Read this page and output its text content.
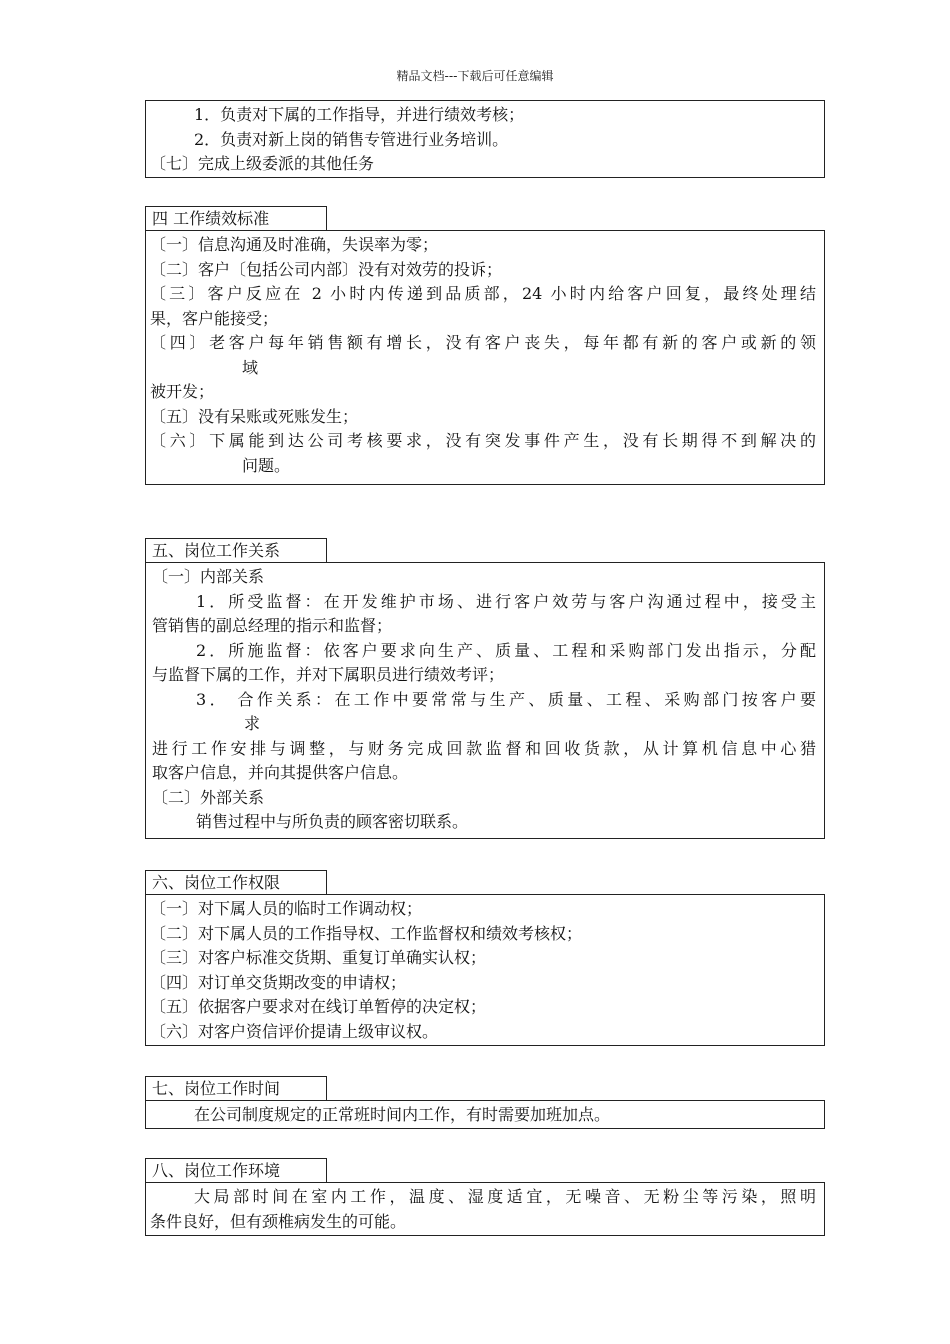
精品文档---下载后可任意编辑
1．负责对下属的工作指导，并进行绩效考核；
2．负责对新上岗的销售专管进行业务培训。
〔七〕完成上级委派的其他任务
四 工作绩效标准
〔一〕信息沟通及时准确，失误率为零；
〔二〕客户〔包括公司内部〕没有对效劳的投诉；
〔三〕客户反应在 2 小时内传递到品质部，24 小时内给客户回复，最终处理结
果，客户能接受；
〔四〕老客户每年销售额有增长，没有客户丧失，每年都有新的客户或新的领
域
被开发；
〔五〕没有呆账或死账发生；
〔六〕下属能到达公司考核要求，没有突发事件产生，没有长期得不到解决的
问题。
五、岗位工作关系
〔一〕内部关系
1．所受监督：在开发维护市场、进行客户效劳与客户沟通过程中，接受主
管销售的副总经理的指示和监督；
2．所施监督：依客户要求向生产、质量、工程和采购部门发出指示，分配
与监督下属的工作，并对下属职员进行绩效考评；
3． 合作关系：在工作中要常常与生产、质量、工程、采购部门按客户要
求
进行工作安排与调整，与财务完成回款监督和回收货款，从计算机信息中心猎
取客户信息，并向其提供客户信息。
〔二〕外部关系
销售过程中与所负责的顾客密切联系。
六、岗位工作权限
〔一〕对下属人员的临时工作调动权；
〔二〕对下属人员的工作指导权、工作监督权和绩效考核权；
〔三〕对客户标准交货期、重复订单确实认权；
〔四〕对订单交货期改变的申请权；
〔五〕依据客户要求对在线订单暂停的决定权；
〔六〕对客户资信评价提请上级审议权。
七、岗位工作时间
在公司制度规定的正常班时间内工作，有时需要加班加点。
八、岗位工作环境
大局部时间在室内工作，温度、湿度适宜，无噪音、无粉尘等污染，照明
条件良好，但有颈椎病发生的可能。
